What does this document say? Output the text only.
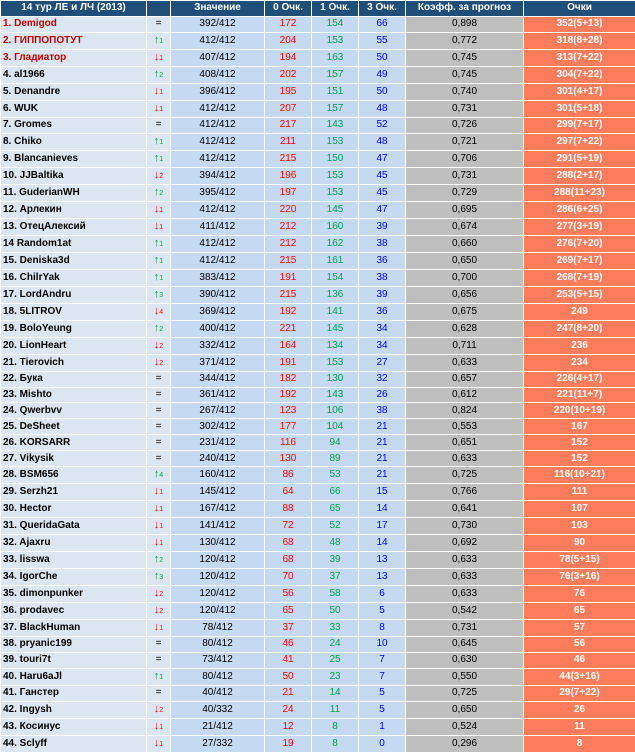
14 тур ЛЕ и ЛЧ (2013)		Значение	0 Очк.	1 Очк.	3 Очк.	Коэфф. за прогноз	Очки
1. Demigod	=	392/412	172	154	66	0,898	352(5+13)
2. ГИППОПОТУТ	↑1	412/412	204	153	55	0,772	318(8+28)
3. Гладиатор	↓1	407/412	194	163	50	0,745	313(7+22)
4. al1966	↑2	408/412	202	157	49	0,745	304(7+22)
5. Denandre	↓1	396/412	195	151	50	0,740	301(4+17)
6. WUK	↓1	412/412	207	157	48	0,731	301(5+18)
7. Gromes	=	412/412	217	143	52	0,726	299(7+17)
8. Chiko	↑1	412/412	211	153	48	0,721	297(7+22)
9. Blancanieves	↑1	412/412	215	150	47	0,706	291(5+19)
10. JJBaltika	↓2	394/412	196	153	45	0,731	288(2+17)
11. GuderianWH	↑2	395/412	197	153	45	0,729	288(11+23)
12. Арлекин	↓1	412/412	220	145	47	0,695	286(6+25)
13. ОтецАлексий	↓1	411/412	212	160	39	0,674	277(3+19)
14 Random1at	↑1	412/412	212	162	38	0,660	276(7+20)
15. Deniska3d	↑1	412/412	215	161	36	0,650	269(7+17)
16. ChilrYak	↑1	383/412	191	154	38	0,700	268(7+19)
17. LordAndru	↑3	390/412	215	136	39	0,656	253(5+15)
18. 5LITROV	↓4	369/412	192	141	36	0,675	249
19. BoloYeung	↑2	400/412	221	145	34	0,628	247(8+20)
20. LionHeart	↓2	332/412	164	134	34	0,711	236
21. Tierovich	↓2	371/412	191	153	27	0,633	234
22. Бука	=	344/412	182	130	32	0,657	226(4+17)
23. Mishto	=	361/412	192	143	26	0,612	221(11+7)
24. Qwerbvv	=	267/412	123	106	38	0,824	220(10+19)
25. DeSheet	=	302/412	177	104	21	0,553	167
26. KORSARR	=	231/412	116	94	21	0,651	152
27. Vikysik	=	240/412	130	89	21	0,633	152
28. BSM656	↑4	160/412	86	53	21	0,725	116(10+21)
29. Serzh21	↓1	145/412	64	66	15	0,766	111
30. Hector	↓1	167/412	88	65	14	0,641	107
31. QueridaGata	↓1	141/412	72	52	17	0,730	103
32. Ajaxru	↓1	130/412	68	48	14	0,692	90
33. lisswa	↑2	120/412	68	39	13	0,633	78(5+15)
34. IgorChe	↑3	120/412	70	37	13	0,633	76(3+16)
35. dimonpunker	↓2	120/412	56	58	6	0,633	76
36. prodavec	↓2	120/412	65	50	5	0,542	65
37. BlackHuman	↓1	78/412	37	33	8	0,731	57
38. pryanic199	=	80/412	46	24	10	0,645	56
39. touri7t	=	73/412	41	25	7	0,630	46
40. Haru6aJl	↑1	80/412	50	23	7	0,550	44(3+16)
41. Ганстер	=	40/412	21	14	5	0,725	29(7+22)
42. Ingysh	↓2	40/332	24	11	5	0,650	26
43. Косинус	↓1	21/412	12	8	1	0,524	11
44. Sclyff	↓1	27/332	19	8	0	0,296	8
